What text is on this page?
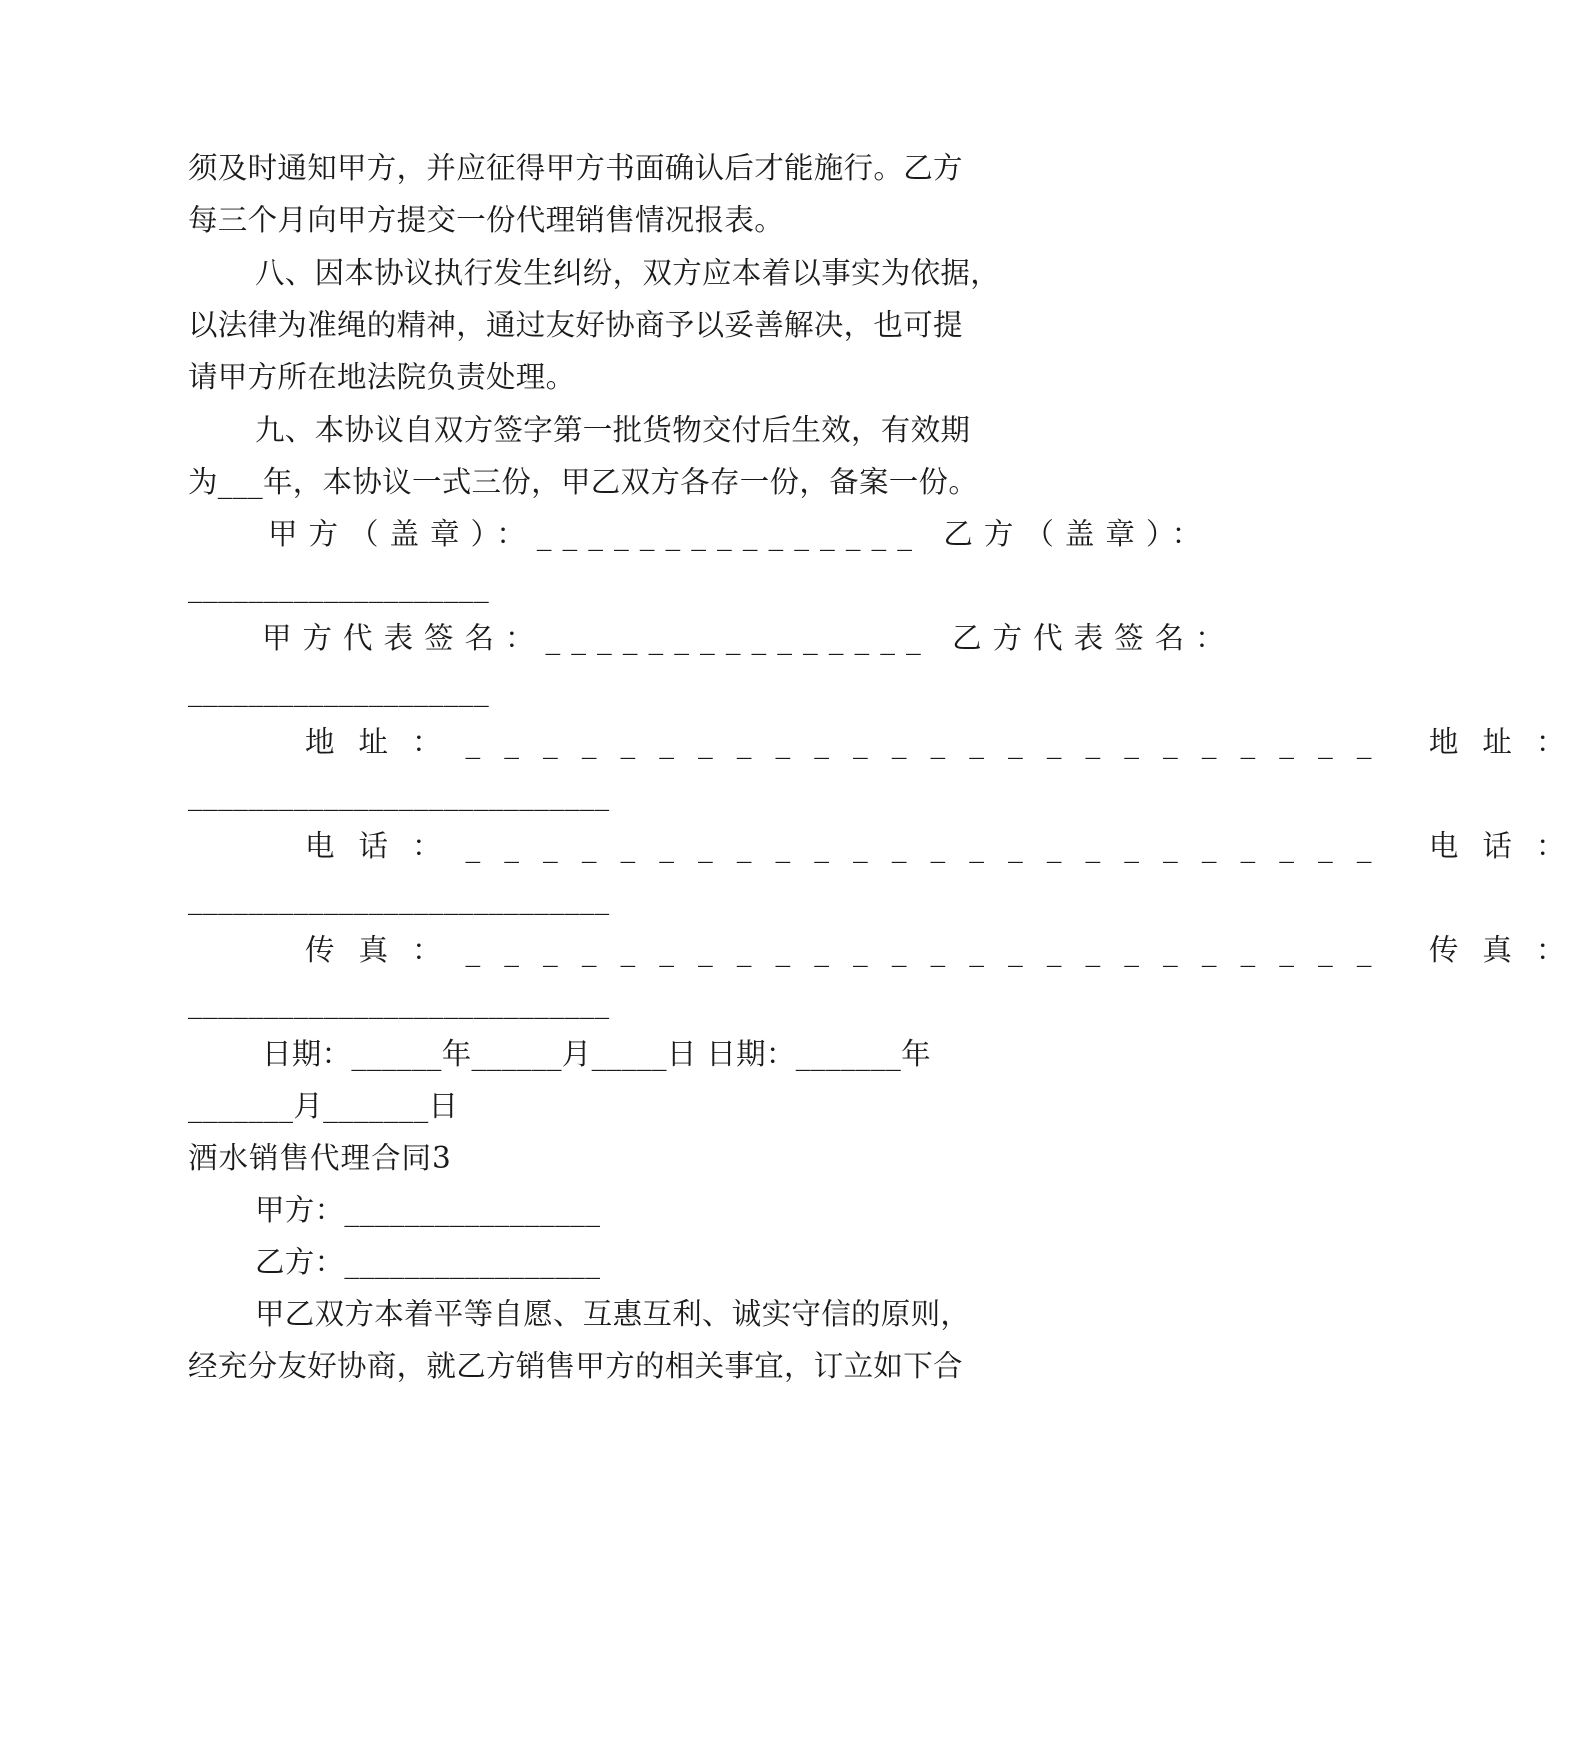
须及时通知甲方，并应征得甲方书面确认后才能施行。乙方
每三个月向甲方提交一份代理销售情况报表。
八、因本协议执行发生纠纷，双方应本着以事实为依据，
以法律为准绳的精神，通过友好协商予以妥善解决，也可提
请甲方所在地法院负责处理。
九、本协议自双方签字第一批货物交付后生效，有效期
为___年，本协议一式三份，甲乙双方各存一份，备案一份。
甲方（盖章）：_______________ 乙方（盖章）：
____________________
甲方代表签名：_______________ 乙方代表签名：
____________________
地址：________________________ 地址：
____________________________
电话：________________________ 电话：
____________________________
传真：________________________ 传真：
____________________________
日期：______年______月_____日 日期：_______年
_______月_______日
酒水销售代理合同3
甲方：_________________
乙方：_________________
甲乙双方本着平等自愿、互惠互利、诚实守信的原则，
经充分友好协商，就乙方销售甲方的相关事宜，订立如下合
